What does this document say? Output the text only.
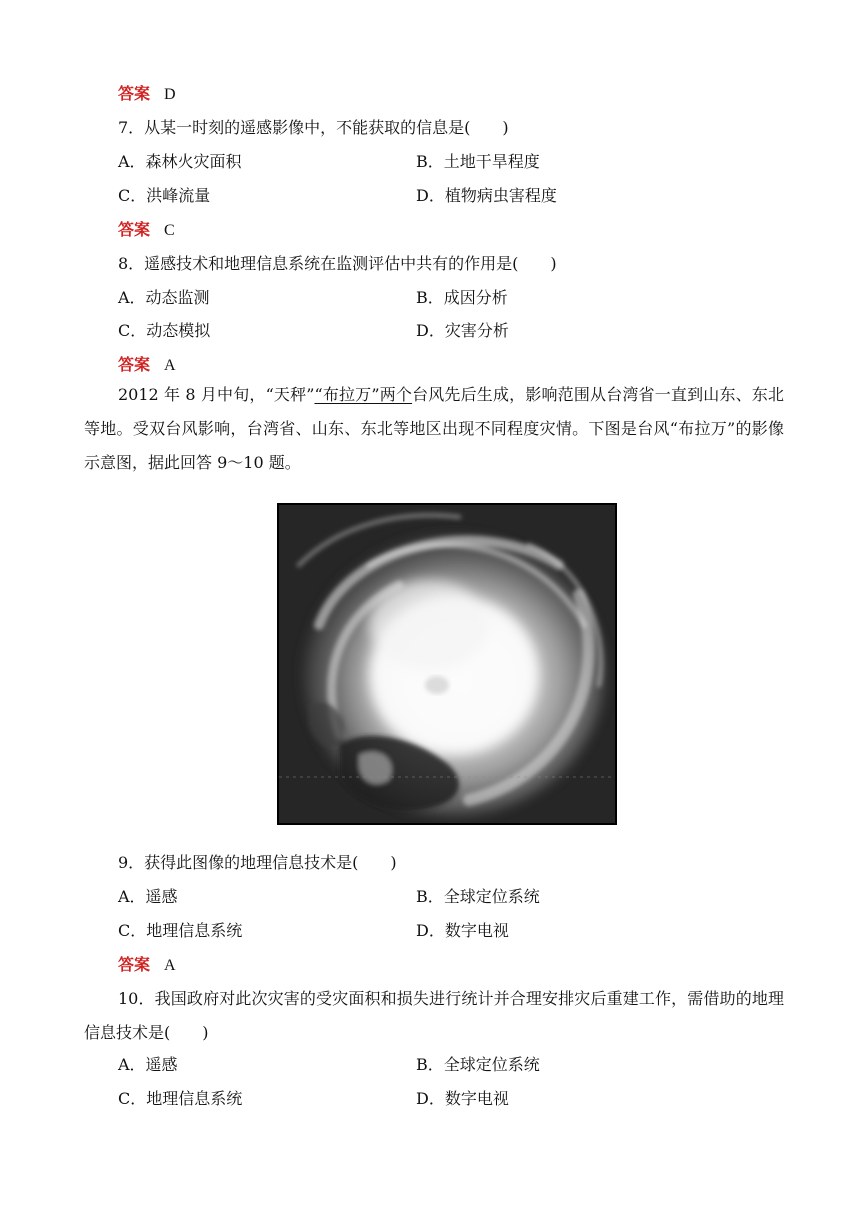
答案 D
7．从某一时刻的遥感影像中，不能获取的信息是(　　)
A．森林火灾面积	B．土地干旱程度
C．洪峰流量	D．植物病虫害程度
答案 C
8．遥感技术和地理信息系统在监测评估中共有的作用是(　　)
A．动态监测	B．成因分析
C．动态模拟	D．灾害分析
答案 A
2012 年 8 月中旬，“天秤”“布拉万”两个台风先后生成，影响范围从台湾省一直到山东、东北等地。受双台风影响，台湾省、山东、东北等地区出现不同程度灾情。下图是台风“布拉万”的影像示意图，据此回答 9～10 题。
9．获得此图像的地理信息技术是(　　)
A．遥感	B．全球定位系统
C．地理信息系统	D．数字电视
答案 A
10．我国政府对此次灾害的受灾面积和损失进行统计并合理安排灾后重建工作，需借助的地理信息技术是(　　)
A．遥感	B．全球定位系统
C．地理信息系统	D．数字电视
